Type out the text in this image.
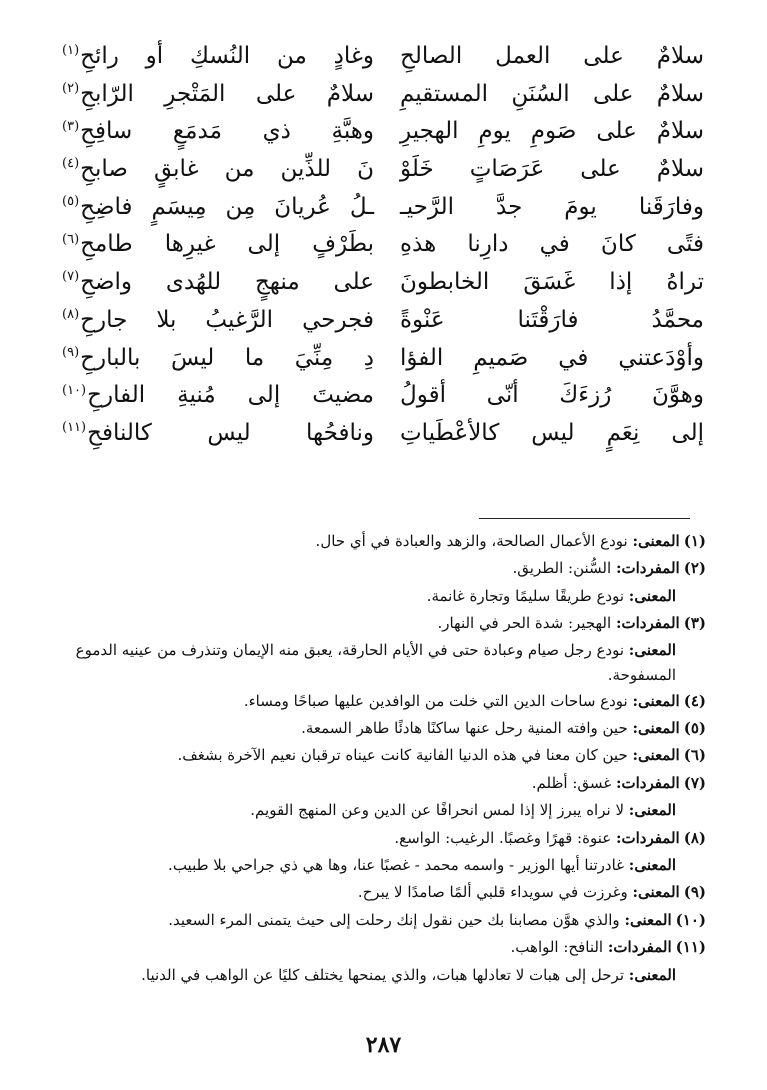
سلامٌ على العمل الصالحِ
وغادٍ من النُسكِ أو رائحِ$^{(١)}$
سلامٌ على السُنَنِ المستقيمِ
سلامٌ على المَتْجرِ الرّابحِ$^{(٢)}$
سلامٌ على صَومِ يومِ الهجيرِ
وهبَّةِ ذي مَدمَعٍ سافِحِ$^{(٣)}$
سلامٌ على عَرَصَاتٍ خَلَوْ
نَ للذِّين من غابقٍ صابحِ$^{(٤)}$
وفارَقَنا يومَ جدَّ الرَّحيـ
ـلُ عُريانَ مِن مِيسَمٍ فاضِحِ$^{(٥)}$
فتًى كانَ في دارِنا هذهِ
بطَرْفٍ إلى غيرِها طامحِ$^{(٦)}$
تراهُ إذا غَسَقَ الخابطونَ
على منهجٍ للهُدى واضحِ$^{(٧)}$
محمَّدُ فارَقْتَنا عَنْوةً
فجرحي الرَّغيبُ بلا جارحِ$^{(٨)}$
وأوْدَعتني في صَميمِ الفؤا
دِ مِنِّيَ ما ليسَ بالبارحِ$^{(٩)}$
وهوَّنَ رُزءَكَ أنّى أقولُ
مضيتَ إلى مُنيةِ الفارحِ$^{(١٠)}$
إلى نِعَمٍ ليس كالأعْطَياتِ
ونافحُها ليس كالنافحِ$^{(١١)}$
(١)المعنى: نودع الأعمال الصالحة، والزهد والعبادة في أي حال.
(٢)المفردات: السُّنن: الطريق.
المعنى: نودع طريقًا سليمًا وتجارة غانمة.
(٣)المفردات: الهجير: شدة الحر في النهار.
المعنى: نودع رجل صيام وعبادة حتى في الأيام الحارقة، يعبق منه الإيمان وتنذرف من عينيه الدموع المسفوحة.
(٤)المعنى: نودع ساحات الدين التي خلت من الوافدين عليها صباحًا ومساء.
(٥)المعنى: حين وافته المنية رحل عنها ساكنًا هادئًا طاهر السمعة.
(٦)المعنى: حين كان معنا في هذه الدنيا الفانية كانت عيناه ترقبان نعيم الآخرة بشغف.
(٧)المفردات: غسق: أظلم.
المعنى: لا نراه يبرز إلا إذا لمس انحرافًا عن الدين وعن المنهج القويم.
(٨)المفردات: عنوة: قهرًا وغصبًا. الرغيب: الواسع.
المعنى: غادرتنا أيها الوزير - واسمه محمد - غصبًا عنا، وها هي ذي جراحي بلا طبيب.
(٩)المعنى: وغرزت في سويداء قلبي ألمًا صامدًا لا يبرح.
(١٠)المعنى: والذي هوَّن مصابنا بك حين نقول إنك رحلت إلى حيث يتمنى المرء السعيد.
(١١)المفردات: النافح: الواهب.
المعنى: ترحل إلى هبات لا تعادلها هبات، والذي يمنحها يختلف كليًا عن الواهب في الدنيا.
٢٨٧
